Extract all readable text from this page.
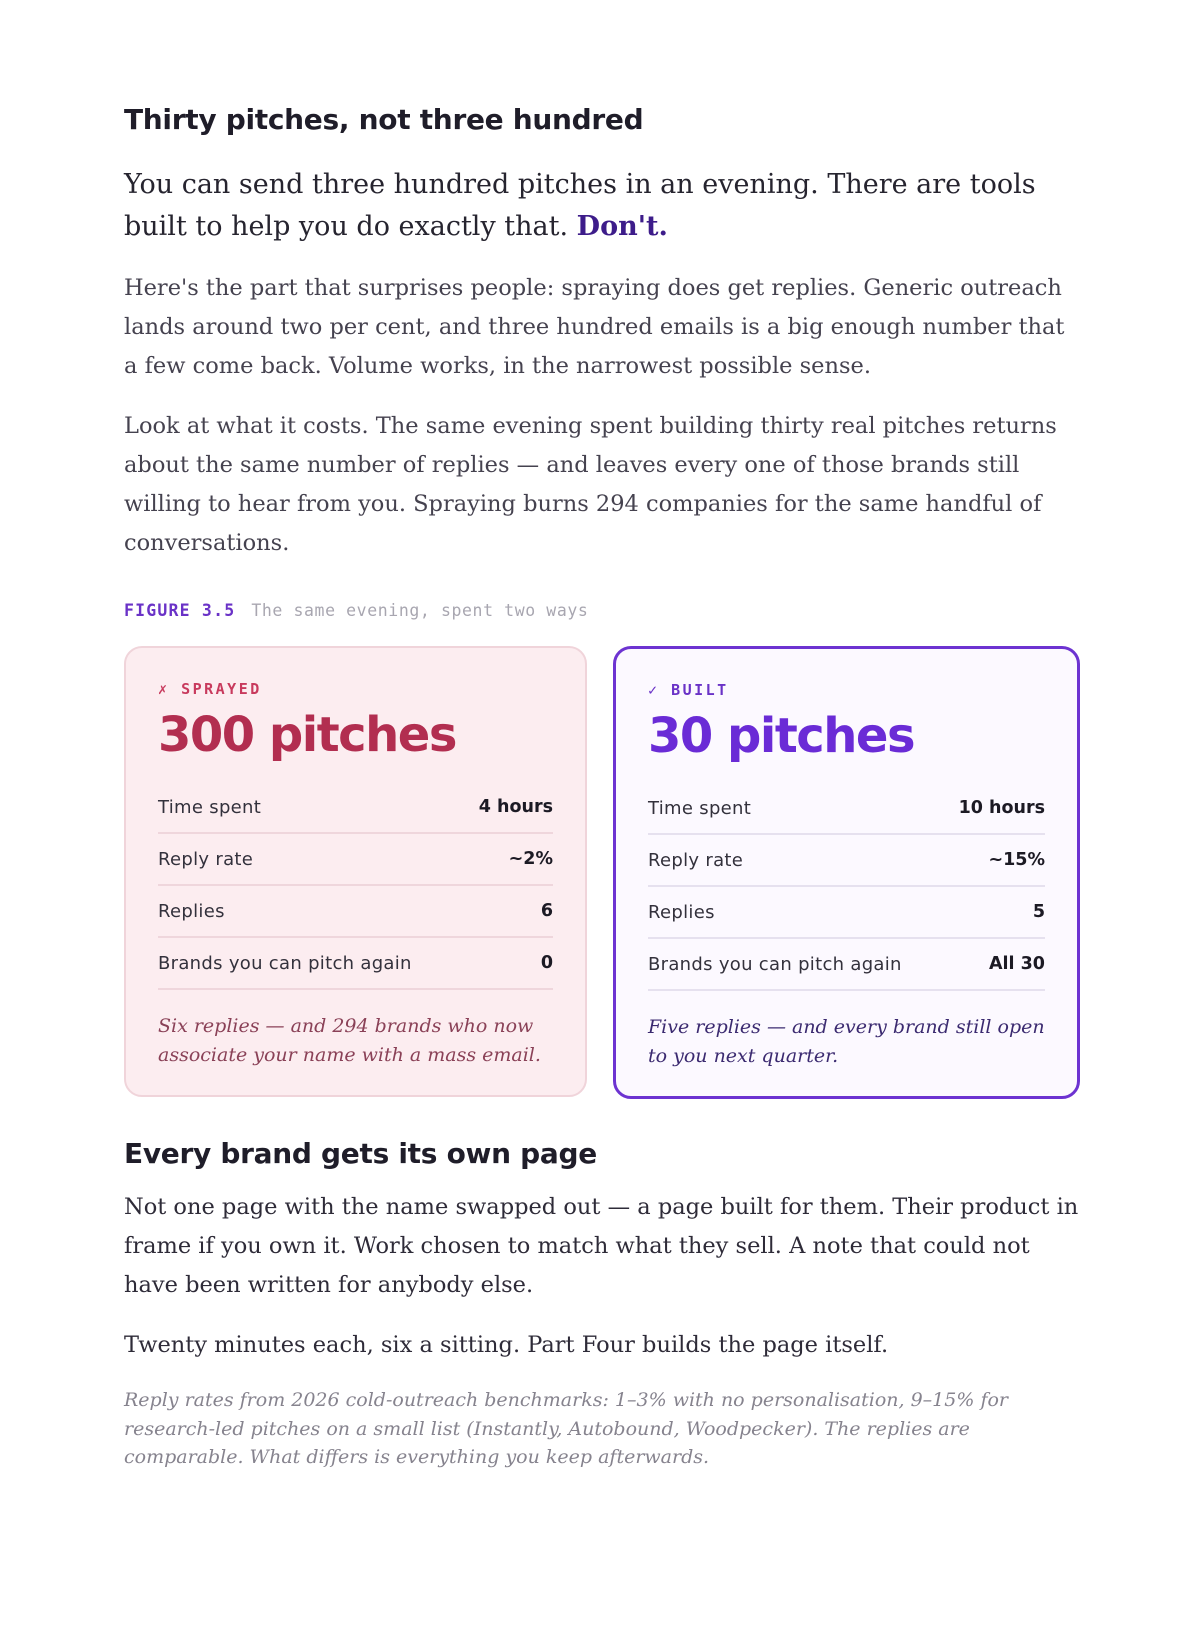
Thirty pitches, not three hundred

You can send three hundred pitches in an evening. There are tools built to help you do exactly that. Don't.

Here's the part that surprises people: spraying does get replies. Generic outreach lands around two per cent, and three hundred emails is a big enough number that a few come back. Volume works, in the narrowest possible sense.

Look at what it costs. The same evening spent building thirty real pitches returns about the same number of replies — and leaves every one of those brands still willing to hear from you. Spraying burns 294 companies for the same handful of conversations.

FIGURE 3.5 The same evening, spent two ways
✗ SPRAYED
300 pitches
Time spent	4 hours
Reply rate	~2%
Replies	6
Brands you can pitch again	0
Six replies — and 294 brands who now associate your name with a mass email.
✓ BUILT
30 pitches
Time spent	10 hours
Reply rate	~15%
Replies	5
Brands you can pitch again	All 30
Five replies — and every brand still open to you next quarter.
Every brand gets its own page

Not one page with the name swapped out — a page built for them. Their product in frame if you own it. Work chosen to match what they sell. A note that could not have been written for anybody else.

Twenty minutes each, six a sitting. Part Four builds the page itself.

Reply rates from 2026 cold-outreach benchmarks: 1–3% with no personalisation, 9–15% for research-led pitches on a small list (Instantly, Autobound, Woodpecker). The replies are comparable. What differs is everything you keep afterwards.
